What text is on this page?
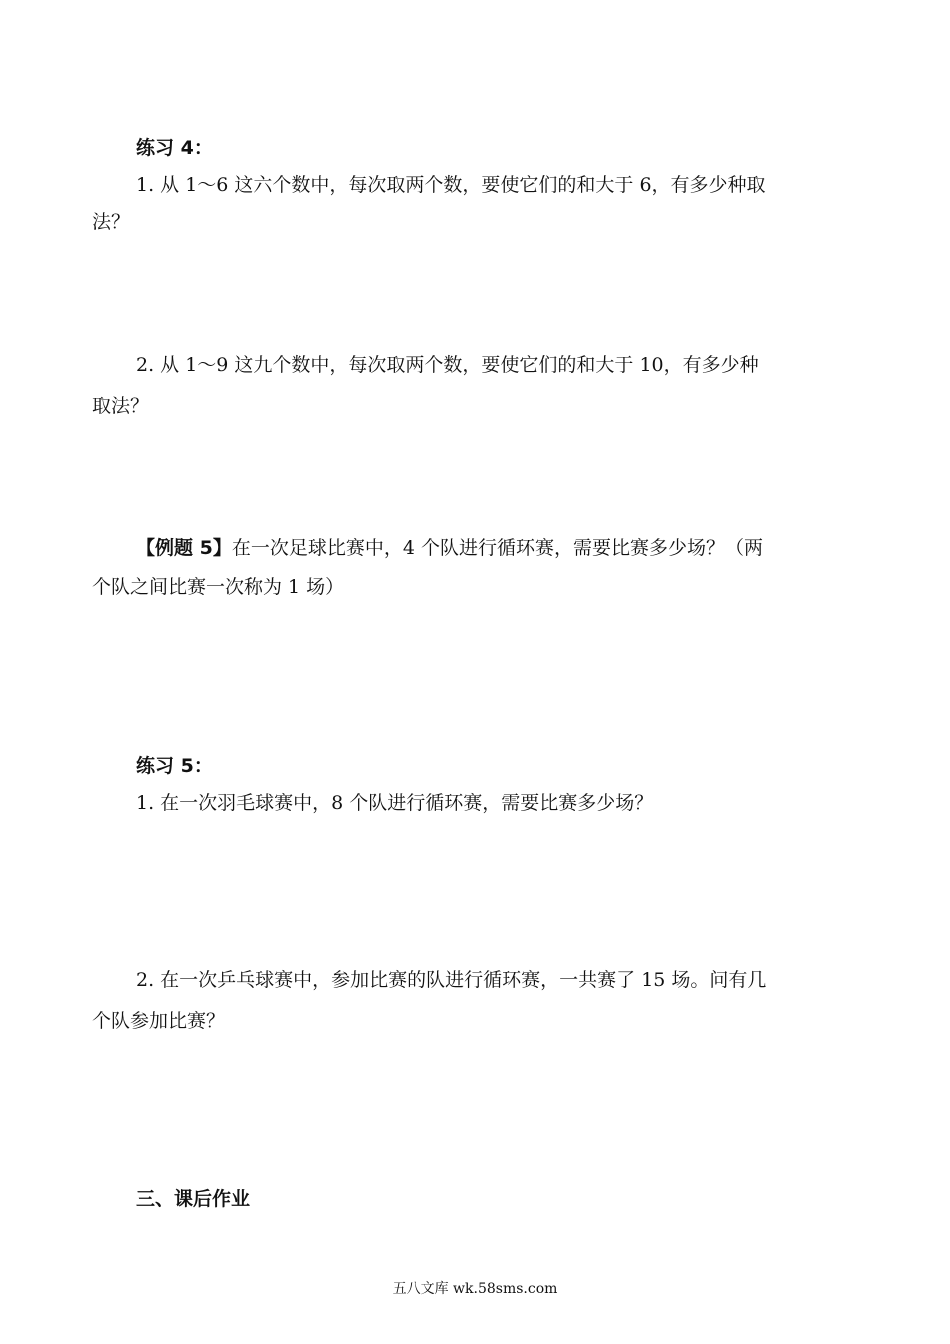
练习 4：

1. 从 1～6 这六个数中，每次取两个数，要使它们的和大于 6，有多少种取

法？

2. 从 1～9 这九个数中，每次取两个数，要使它们的和大于 10，有多少种

取法？

【例题 5】在一次足球比赛中，4 个队进行循环赛，需要比赛多少场？（两

个队之间比赛一次称为 1 场）

练习 5：

1. 在一次羽毛球赛中，8 个队进行循环赛，需要比赛多少场？

2. 在一次乒乓球赛中，参加比赛的队进行循环赛，一共赛了 15 场。问有几

个队参加比赛？

三、课后作业

五八文库 wk.58sms.com
